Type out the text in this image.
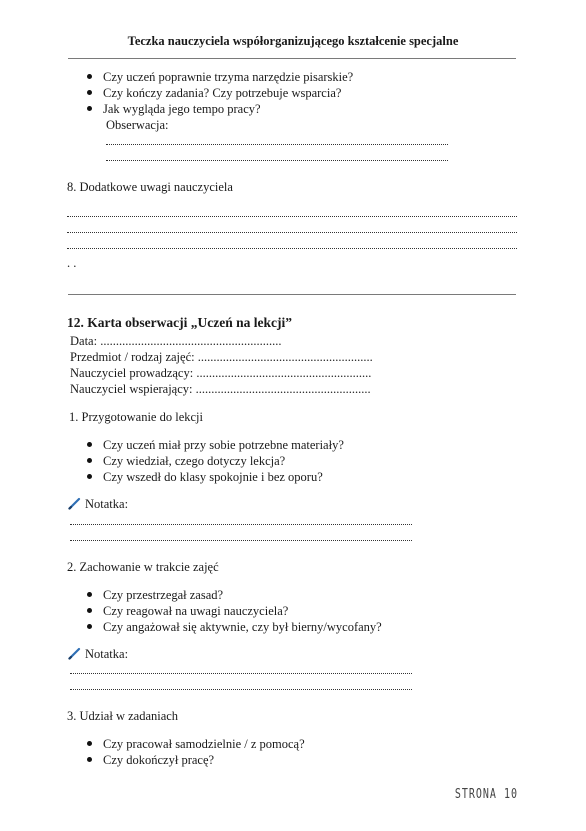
Teczka nauczyciela współorganizującego kształcenie specjalne
Czy uczeń poprawnie trzyma narzędzie pisarskie?
Czy kończy zadania? Czy potrzebuje wsparcia?
Jak wygląda jego tempo pracy?
Obserwacja:
8. Dodatkowe uwagi nauczyciela
. .
12. Karta obserwacji „Uczeń na lekcji”
Data: ..........................................................
Przedmiot / rodzaj zajęć: ........................................................
Nauczyciel prowadzący: ........................................................
Nauczyciel wspierający: ........................................................
1. Przygotowanie do lekcji
Czy uczeń miał przy sobie potrzebne materiały?
Czy wiedział, czego dotyczy lekcja?
Czy wszedł do klasy spokojnie i bez oporu?
Notatka:
2. Zachowanie w trakcie zajęć
Czy przestrzegał zasad?
Czy reagował na uwagi nauczyciela?
Czy angażował się aktywnie, czy był bierny/wycofany?
Notatka:
3. Udział w zadaniach
Czy pracował samodzielnie / z pomocą?
Czy dokończył pracę?
STRONA 10
